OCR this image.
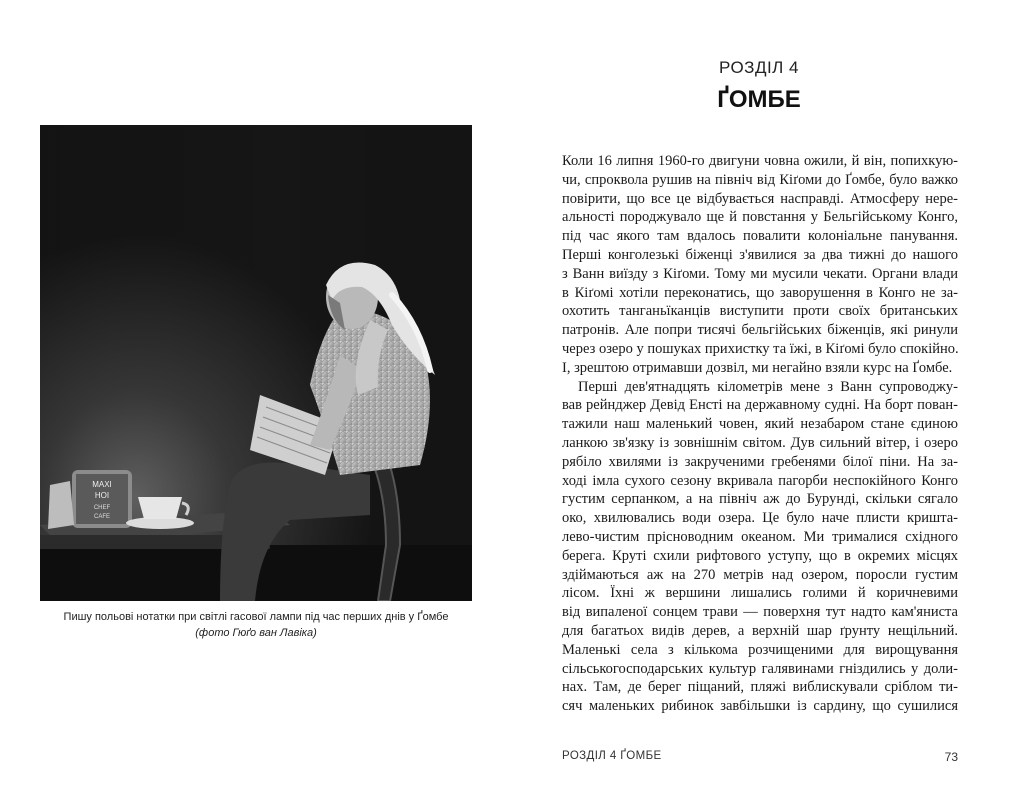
MAXI
HOI
CHEF
CAFE
Пишу польові нотатки при світлі гасової лампи під час перших днів у Ґомбе
(фото Гюґо ван Лавіка)
РОЗДІЛ 4
ҐОМБЕ
Коли 16 липня 1960-го двигуни човна ожили, й він, попихкую-
чи, спроквола рушив на північ від Кіґоми до Ґомбе, було важко
повірити, що все це відбувається насправді. Атмосферу нере-
альності породжувало ще й повстання у Бельгійському Конго,
під час якого там вдалось повалити колоніальне панування.
Перші конголезькі біженці з'явилися за два тижні до нашого
з Ванн виїзду з Кіґоми. Тому ми мусили чекати. Органи влади
в Кіґомі хотіли переконатись, що заворушення в Конго не за-
охотить танганьїканців виступити проти своїх британських
патронів. Але попри тисячі бельгійських біженців, які ринули
через озеро у пошуках прихистку та їжі, в Кіґомі було спокійно.
І, зрештою отримавши дозвіл, ми негайно взяли курс на Ґомбе.
Перші дев'ятнадцять кілометрів мене з Ванн супроводжу-
вав рейнджер Девід Енсті на державному судні. На борт повaн-
тажили наш маленький човен, який незабаром стане єдиною
ланкою зв'язку із зовнішнім світом. Дув сильний вітер, і озеро
рябіло хвилями із закрученими гребенями білої піни. На за-
ході імла сухого сезону вкривала пагорби неспокійного Конго
густим серпанком, а на північ аж до Бурунді, скільки сягало
око, хвилювались води озера. Це було наче плисти кришта-
лево-чистим прісноводним океаном. Ми трималися східного
берега. Круті схили рифтового уступу, що в окремих місцях
здіймаються аж на 270 метрів над озером, поросли густим
лісом. Їхні ж вершини лишались голими й коричневими
від випаленої сонцем трави — поверхня тут надто кам'яниста
для багатьох видів дерев, а верхній шар ґрунту нещільний.
Маленькі села з кількома розчищеними для вирощування
сільськогосподарських культур галявинами гніздились у доли-
нах. Там, де берег піщаний, пляжі виблискували сріблом ти-
сяч маленьких рибинок завбільшки із сардину, що сушилися
РОЗДІЛ 4 ҐОМБЕ	73
